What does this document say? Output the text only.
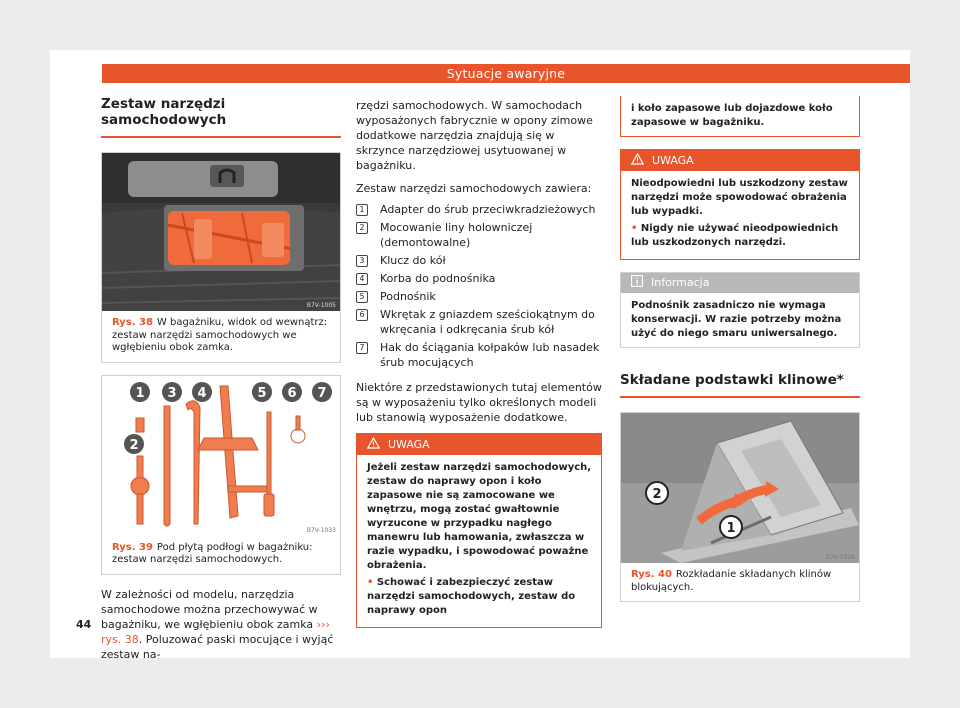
Sytuacje awaryjne
Zestaw narzędzi samochodowych
B7V-1005
Rys. 38 W bagażniku, widok od wewnątrz: zestaw narzędzi samochodowych we wgłębieniu obok zamka.
1 3 4	5 6 7
2
B7V-1033
Rys. 39 Pod płytą podłogi w bagażniku: zestaw narzędzi samochodowych.

W zależności od modelu, narzędzia samochodowe można przechowywać w bagażniku, we wgłębieniu obok zamka ››› rys. 38. Poluzować paski mocujące i wyjąć zestaw na-

rzędzi samochodowych. W samochodach wyposażonych fabrycznie w opony zimowe dodatkowe narzędzia znajdują się w skrzynce narzędziowej usytuowanej w bagażniku.

Zestaw narzędzi samochodowych zawiera:

1	Adapter do śrub przeciwkradzieżowych
2	Mocowanie liny holowniczej (demontowalne)
3	Klucz do kół
4	Korba do podnośnika
5	Podnośnik
6	Wkrętak z gniazdem sześciokątnym do wkręcania i odkręcania śrub kół
7	Hak do ściągania kołpaków lub nasadek śrub mocujących

Niektóre z przedstawionych tutaj elementów są w wyposażeniu tylko określonych modeli lub stanowią wyposażenie dodatkowe.

UWAGA

Jeżeli zestaw narzędzi samochodowych, zestaw do naprawy opon i koło zapasowe nie są zamocowane we wnętrzu, mogą zostać gwałtownie wyrzucone w przypadku nagłego manewru lub hamowania, zwłaszcza w razie wypadku, i spowodować poważne obrażenia.

• Schować i zabezpieczyć zestaw narzędzi samochodowych, zestaw do naprawy opon

i koło zapasowe lub dojazdowe koło zapasowe w bagażniku.
UWAGA

Nieodpowiedni lub uszkodzony zestaw narzędzi może spowodować obrażenia lub wypadki.

• Nigdy nie używać nieodpowiednich lub uszkodzonych narzędzi.

Informacja
Podnośnik zasadniczo nie wymaga konserwacji. W razie potrzeby można użyć do niego smaru uniwersalnego.
Składane podstawki klinowe*
2
1
B7V-1018
Rys. 40 Rozkładanie składanych klinów blokujących.
44
